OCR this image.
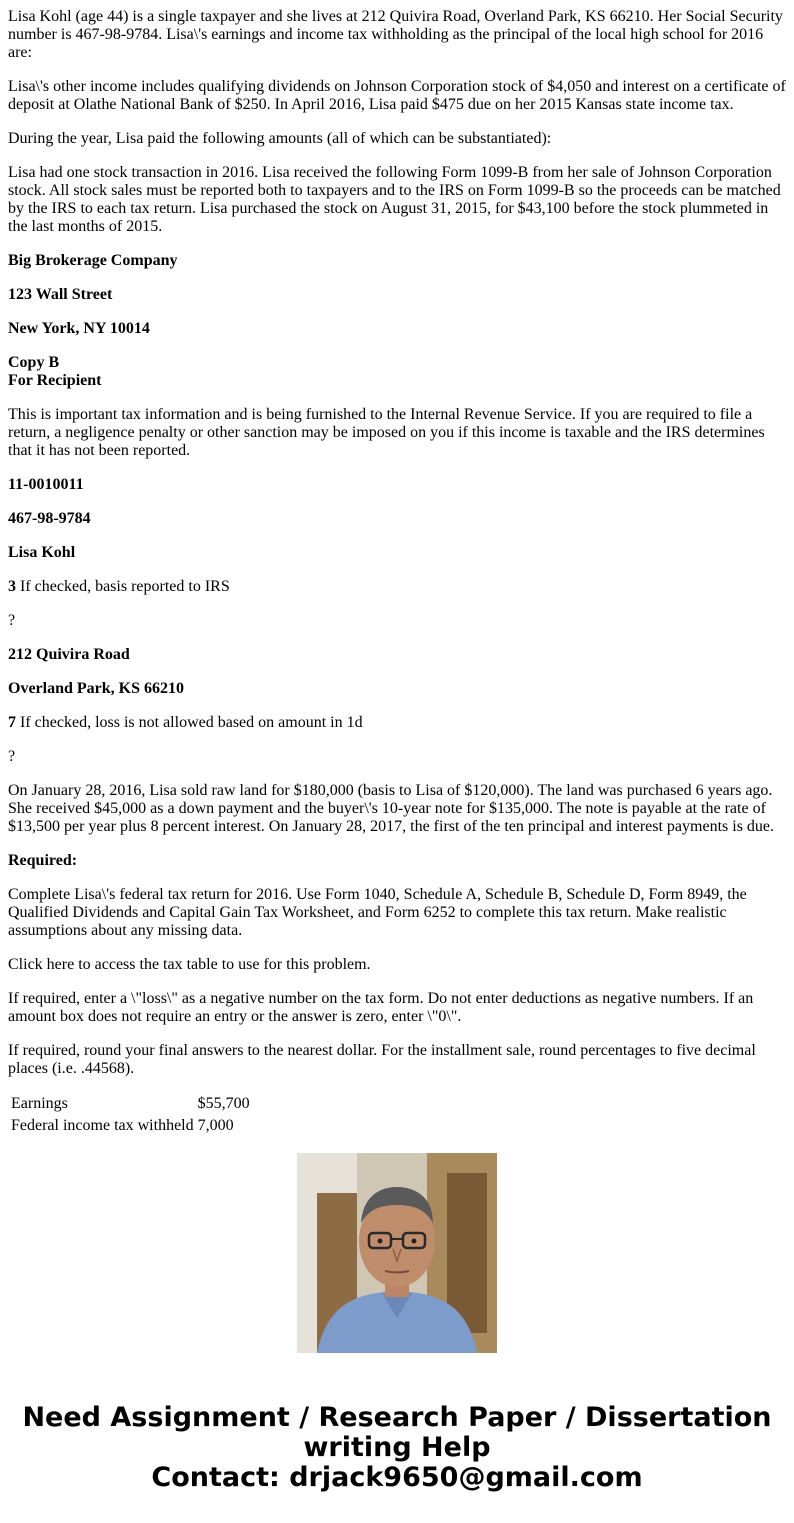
Lisa Kohl (age 44) is a single taxpayer and she lives at 212 Quivira Road, Overland Park, KS 66210. Her Social Security number is 467-98-9784. Lisa\'s earnings and income tax withholding as the principal of the local high school for 2016 are:

Lisa\'s other income includes qualifying dividends on Johnson Corporation stock of $4,050 and interest on a certificate of deposit at Olathe National Bank of $250. In April 2016, Lisa paid $475 due on her 2015 Kansas state income tax.

During the year, Lisa paid the following amounts (all of which can be substantiated):

Lisa had one stock transaction in 2016. Lisa received the following Form 1099-B from her sale of Johnson Corporation stock. All stock sales must be reported both to taxpayers and to the IRS on Form 1099-B so the proceeds can be matched by the IRS to each tax return. Lisa purchased the stock on August 31, 2015, for $43,100 before the stock plummeted in the last months of 2015.

Big Brokerage Company

123 Wall Street

New York, NY 10014

Copy B
For Recipient

This is important tax information and is being furnished to the Internal Revenue Service. If you are required to file a return, a negligence penalty or other sanction may be imposed on you if this income is taxable and the IRS determines that it has not been reported.

11-0010011

467-98-9784

Lisa Kohl

3 If checked, basis reported to IRS

?

212 Quivira Road

Overland Park, KS 66210

7 If checked, loss is not allowed based on amount in 1d

?

On January 28, 2016, Lisa sold raw land for $180,000 (basis to Lisa of $120,000). The land was purchased 6 years ago. She received $45,000 as a down payment and the buyer\'s 10-year note for $135,000. The note is payable at the rate of $13,500 per year plus 8 percent interest. On January 28, 2017, the first of the ten principal and interest payments is due.

Required:

Complete Lisa\'s federal tax return for 2016. Use Form 1040, Schedule A, Schedule B, Schedule D, Form 8949, the Qualified Dividends and Capital Gain Tax Worksheet, and Form 6252 to complete this tax return. Make realistic assumptions about any missing data.

Click here to access the tax table to use for this problem.

If required, enter a \"loss\" as a negative number on the tax form. Do not enter deductions as negative numbers. If an amount box does not require an entry or the answer is zero, enter \"0\".

If required, round your final answers to the nearest dollar. For the installment sale, round percentages to five decimal places (i.e. .44568).

Earnings	$55,700
Federal income tax withheld	7,000
Need Assignment / Research Paper / Dissertation
writing Help
Contact: drjack9650@gmail.com
